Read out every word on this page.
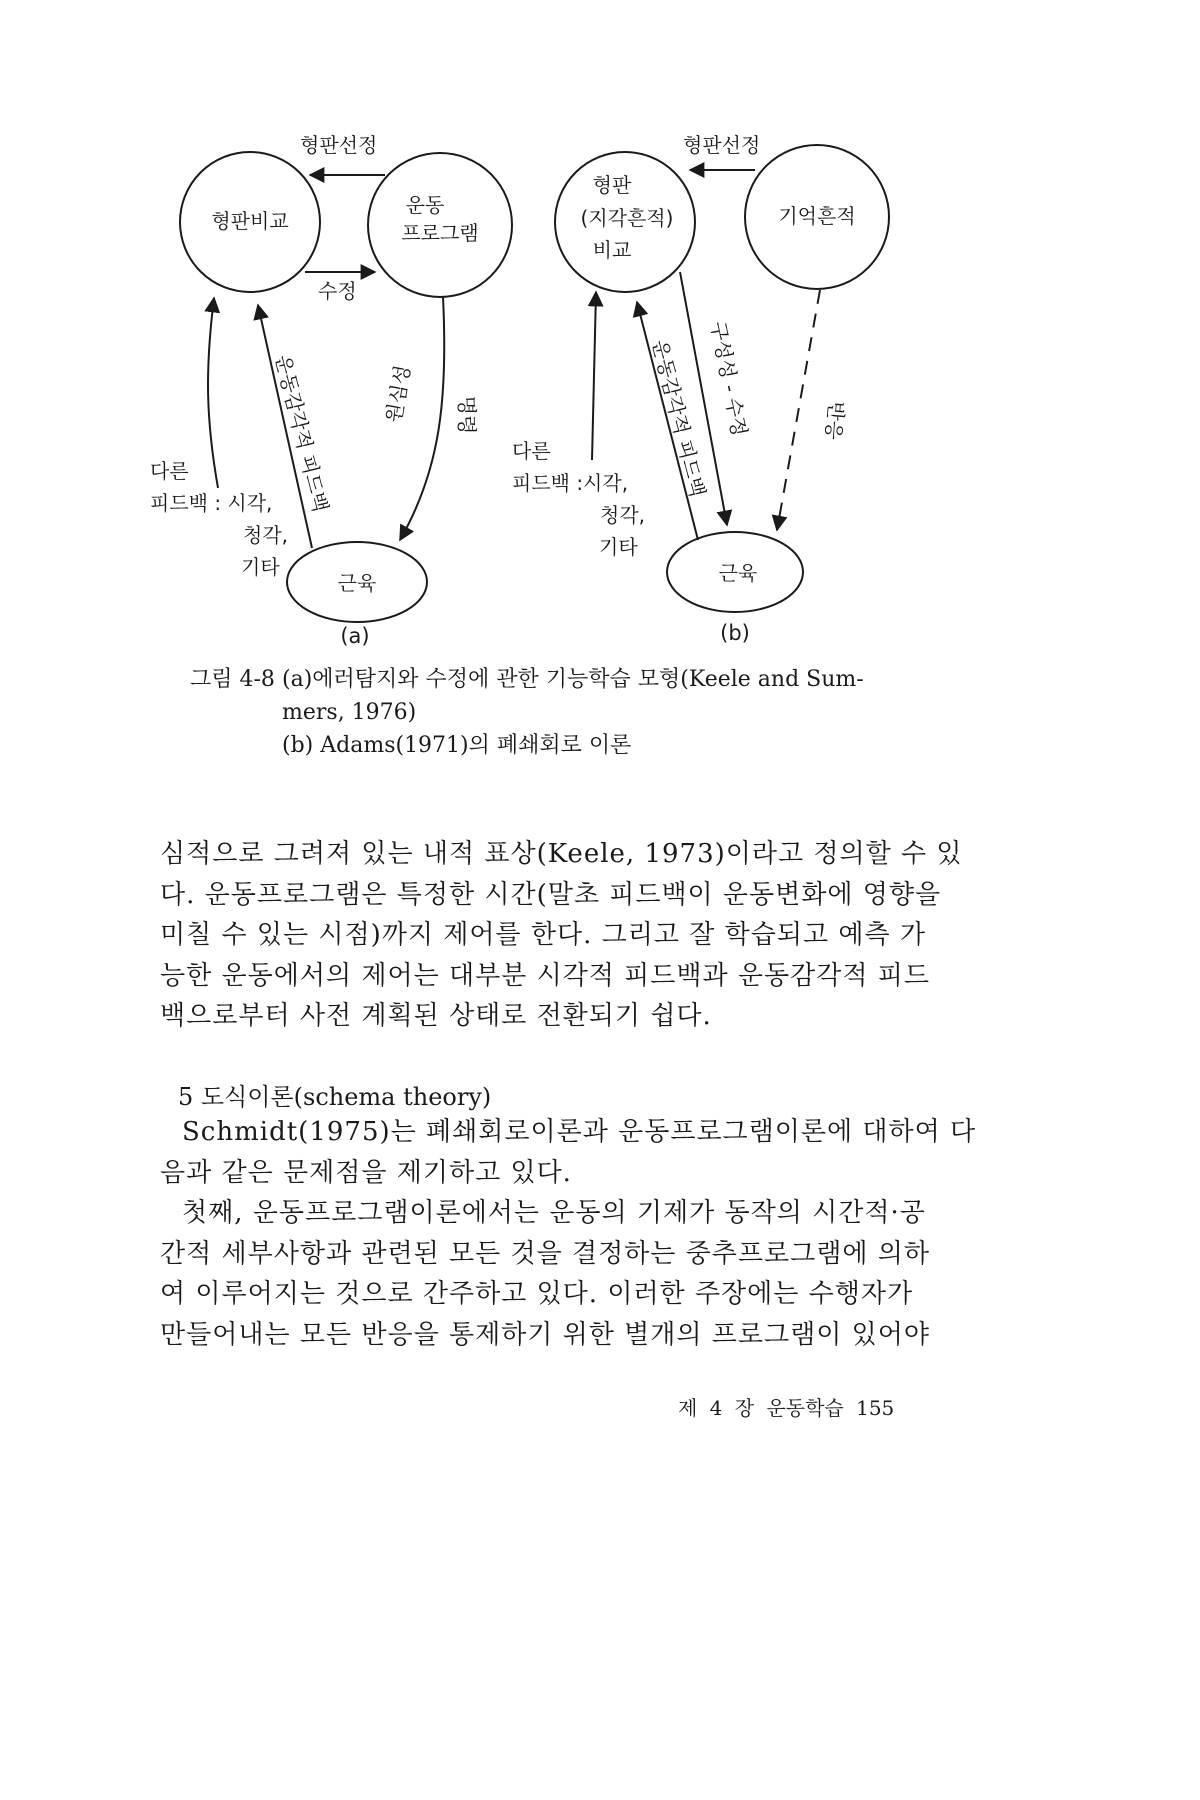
형판선정
형판비교
운동
프로그램
수정
원심성 명령
운동감각적 피드백
다른
피드백 : 시각,
청각,
기타
근육
(a)
형판선정
형판
(지각흔적)
비교
기억흔적
구성성 - 수정
운동감각적 피드백	반응
다른
피드백 :시각,
청각,
기타
근육
(b)
그림 4-8 (a)에러탐지와 수정에 관한 기능학습 모형(Keele and Sum-
mers, 1976)
(b) Adams(1971)의 폐쇄회로 이론
심적으로 그려져 있는 내적 표상(Keele, 1973)이라고 정의할 수 있
다. 운동프로그램은 특정한 시간(말초 피드백이 운동변화에 영향을
미칠 수 있는 시점)까지 제어를 한다. 그리고 잘 학습되고 예측 가
능한 운동에서의 제어는 대부분 시각적 피드백과 운동감각적 피드
백으로부터 사전 계획된 상태로 전환되기 쉽다.
5 도식이론(schema theory)
Schmidt(1975)는 폐쇄회로이론과 운동프로그램이론에 대하여 다
음과 같은 문제점을 제기하고 있다.
첫째, 운동프로그램이론에서는 운동의 기제가 동작의 시간적·공
간적 세부사항과 관련된 모든 것을 결정하는 중추프로그램에 의하
여 이루어지는 것으로 간주하고 있다. 이러한 주장에는 수행자가
만들어내는 모든 반응을 통제하기 위한 별개의 프로그램이 있어야
제 4 장 운동학습 155
